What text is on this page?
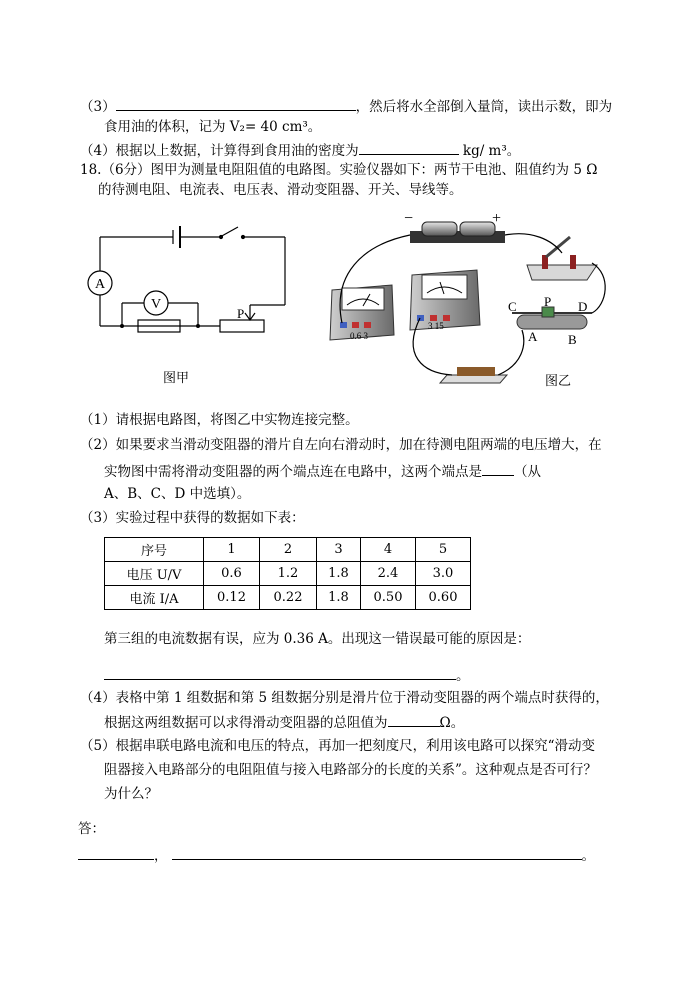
（3）	，然后将水全部倒入量筒，读出示数，即为
食用油的体积，记为 V₂= 40 cm³。
（4）根据以上数据，计算得到食用油的密度为	kg/ m³。
18.（6分）图甲为测量电阻阻值的电路图。实验仪器如下：两节干电池、阻值约为 5 Ω
的待测电阻、电流表、电压表、滑动变阻器、开关、导线等。
A
V
P
图甲
−	+
0.6 3
3 15
C P D
A B
图乙
（1）请根据电路图，将图乙中实物连接完整。
（2）如果要求当滑动变阻器的滑片自左向右滑动时，加在待测电阻两端的电压增大，在
实物图中需将滑动变阻器的两个端点连在电路中，这两个端点是 （从
A、B、C、D 中选填）。
（3）实验过程中获得的数据如下表：
序号	1	2	3	4	5
电压 U/V	0.6	1.2	1.8	2.4	3.0
电流 I/A	0.12	0.22	1.8	0.50	0.60
第三组的电流数据有误，应为 0.36 A。出现这一错误最可能的原因是：
。
（4）表格中第 1 组数据和第 5 组数据分别是滑片位于滑动变阻器的两个端点时获得的，
根据这两组数据可以求得滑动变阻器的总阻值为	Ω。
（5）根据串联电路电流和电压的特点，再加一把刻度尺，利用该电路可以探究“滑动变
阻器接入电路部分的电阻阻值与接入电路部分的长度的关系”。这种观点是否可行？
为什么？
答：
，	。
